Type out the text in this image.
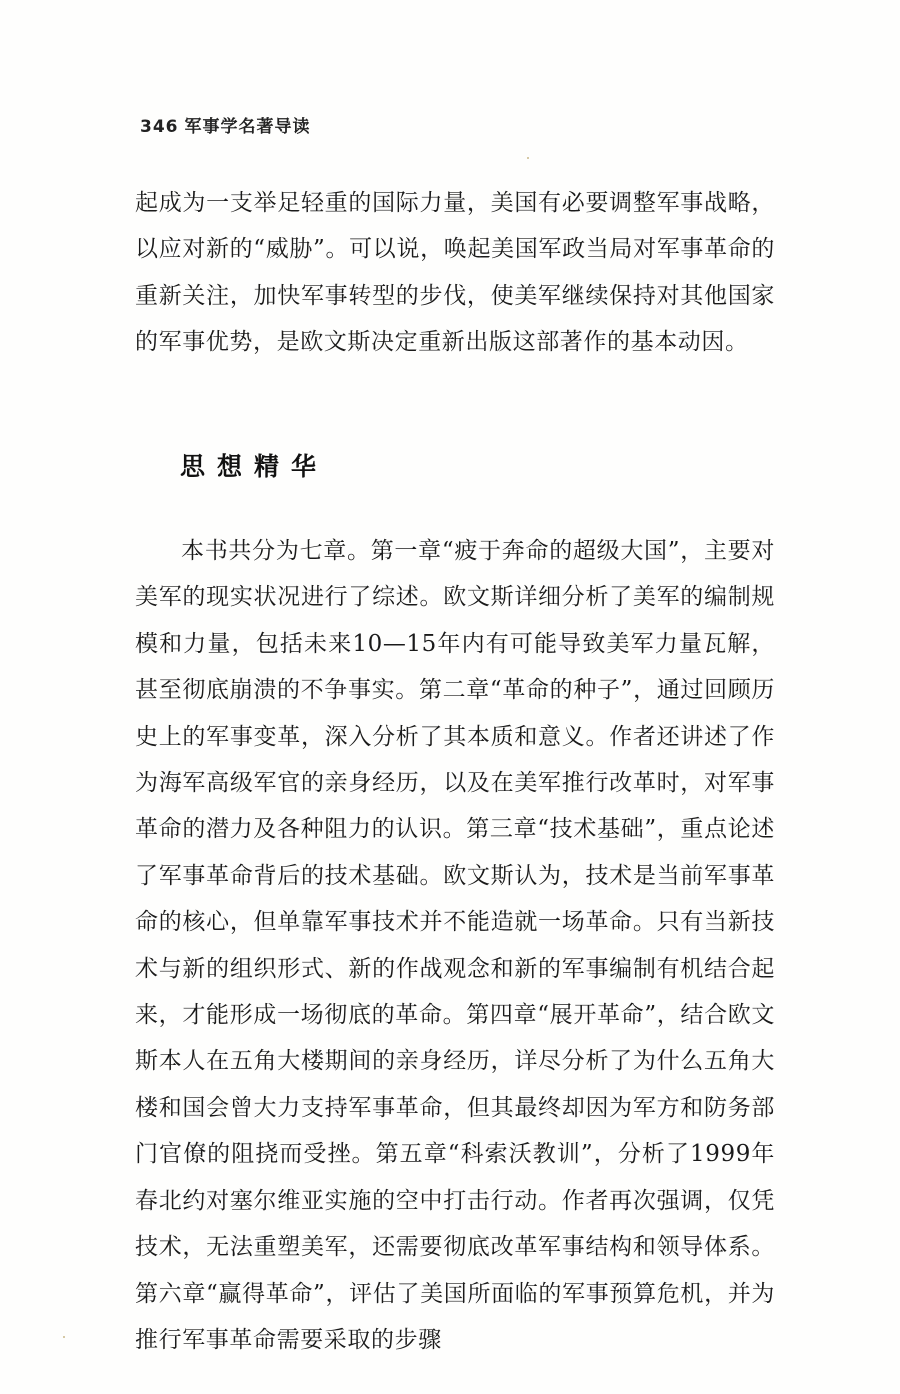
346 军事学名著导读

起成为一支举足轻重的国际力量，美国有必要调整军事战略，以应对新的“威胁”。可以说，唤起美国军政当局对军事革命的重新关注，加快军事转型的步伐，使美军继续保持对其他国家的军事优势，是欧文斯决定重新出版这部著作的基本动因。

思想精华

本书共分为七章。第一章“疲于奔命的超级大国”，主要对美军的现实状况进行了综述。欧文斯详细分析了美军的编制规模和力量，包括未来10—15年内有可能导致美军力量瓦解，甚至彻底崩溃的不争事实。第二章“革命的种子”，通过回顾历史上的军事变革，深入分析了其本质和意义。作者还讲述了作为海军高级军官的亲身经历，以及在美军推行改革时，对军事革命的潜力及各种阻力的认识。第三章“技术基础”，重点论述了军事革命背后的技术基础。欧文斯认为，技术是当前军事革命的核心，但单靠军事技术并不能造就一场革命。只有当新技术与新的组织形式、新的作战观念和新的军事编制有机结合起来，才能形成一场彻底的革命。第四章“展开革命”，结合欧文斯本人在五角大楼期间的亲身经历，详尽分析了为什么五角大楼和国会曾大力支持军事革命，但其最终却因为军方和防务部门官僚的阻挠而受挫。第五章“科索沃教训”，分析了1999年春北约对塞尔维亚实施的空中打击行动。作者再次强调，仅凭技术，无法重塑美军，还需要彻底改革军事结构和领导体系。第六章“赢得革命”，评估了美国所面临的军事预算危机，并为推行军事革命需要采取的步骤
